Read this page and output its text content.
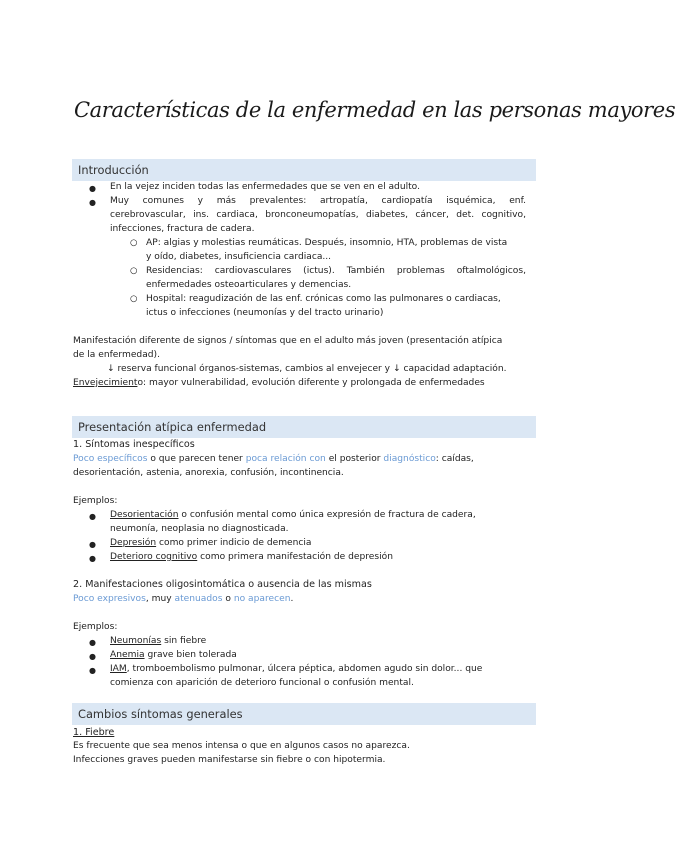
Características de la enfermedad en las personas mayores
Introducción
● En la vejez inciden todas las enfermedades que se ven en el adulto.
● Muy comunes y más prevalentes: artropatía, cardiopatía isquémica, enf.
cerebrovascular, ins. cardiaca, bronconeumopatías, diabetes, cáncer, det. cognitivo,
infecciones, fractura de cadera.
○ AP: algias y molestias reumáticas. Después, insomnio, HTA, problemas de vista
y oído, diabetes, insuficiencia cardiaca...
○ Residencias: cardiovasculares (ictus). También problemas oftalmológicos,
enfermedades osteoarticulares y demencias.
○ Hospital: reagudización de las enf. crónicas como las pulmonares o cardiacas,
ictus o infecciones (neumonías y del tracto urinario)
Manifestación diferente de signos / síntomas que en el adulto más joven (presentación atípica
de la enfermedad).
↓ reserva funcional órganos-sistemas, cambios al envejecer y ↓ capacidad adaptación.
Envejecimiento: mayor vulnerabilidad, evolución diferente y prolongada de enfermedades
Presentación atípica enfermedad
1. Síntomas inespecíficos
Poco específicos o que parecen tener poca relación con el posterior diagnóstico: caídas,
desorientación, astenia, anorexia, confusión, incontinencia.
Ejemplos:
● Desorientación o confusión mental como única expresión de fractura de cadera,
neumonía, neoplasia no diagnosticada.
● Depresión como primer indicio de demencia
● Deterioro cognitivo como primera manifestación de depresión
2. Manifestaciones oligosintomática o ausencia de las mismas
Poco expresivos, muy atenuados o no aparecen.
Ejemplos:
● Neumonías sin fiebre
● Anemia grave bien tolerada
● IAM, tromboembolismo pulmonar, úlcera péptica, abdomen agudo sin dolor... que
comienza con aparición de deterioro funcional o confusión mental.
Cambios síntomas generales
1. Fiebre
Es frecuente que sea menos intensa o que en algunos casos no aparezca.
Infecciones graves pueden manifestarse sin fiebre o con hipotermia.
